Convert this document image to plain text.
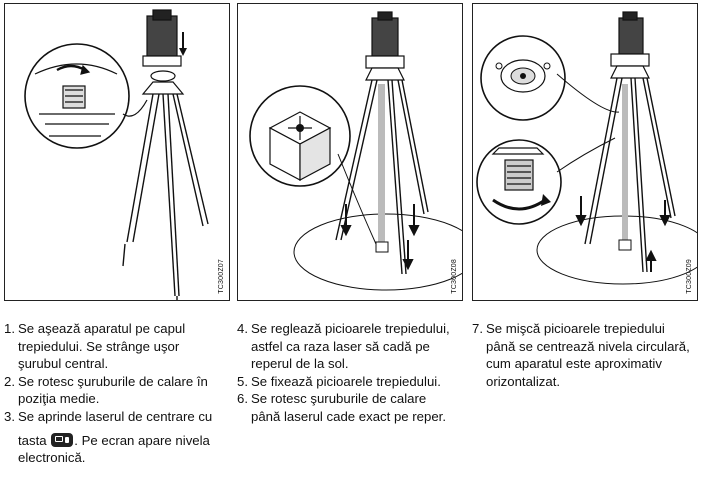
TC300Z07	TC300Z08	TC300Z09
1. Se aşează aparatul pe capul
trepiedului. Se strânge uşor
şurubul central.
2. Se rotesc şuruburile de calare în
poziţia medie.
3. Se aprinde laserul de centrare cu
tasta . Pe ecran apare nivela
electronică.
4. Se reglează picioarele trepiedului,
astfel ca raza laser să cadă pe
reperul de la sol.
5. Se fixează picioarele trepiedului.
6. Se rotesc şuruburile de calare
până laserul cade exact pe reper.
7. Se mişcă picioarele trepiedului
până se centrează nivela circulară,
cum aparatul este aproximativ
orizontalizat.
